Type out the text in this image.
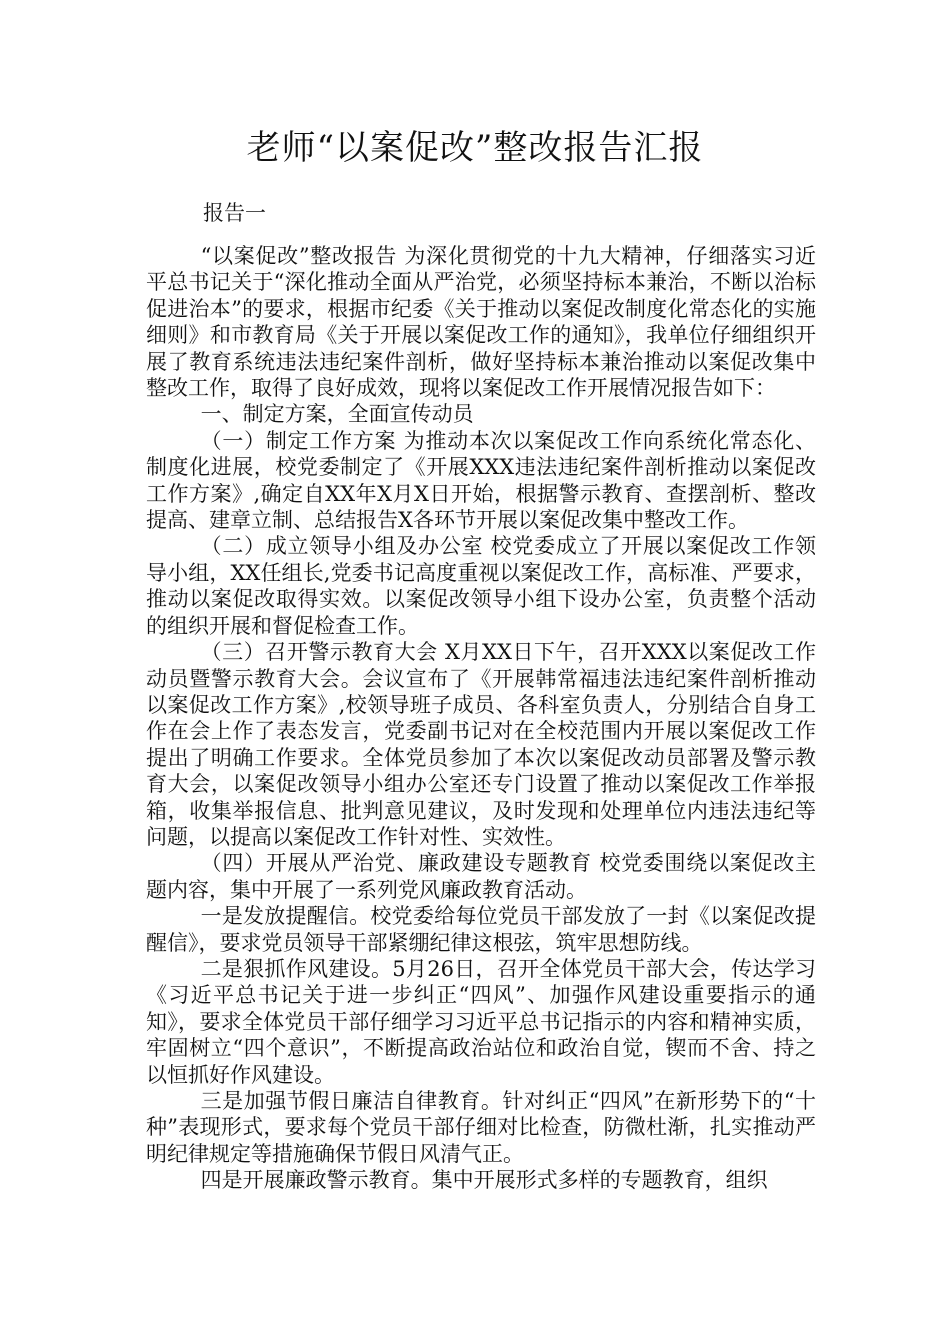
老师“以案促改”整改报告汇报
报告一

“以案促改”整改报告 为深化贯彻党的十九大精神，仔细落实习近平总书记关于“深化推动全面从严治党，必须坚持标本兼治，不断以治标促进治本”的要求，根据市纪委《关于推动以案促改制度化常态化的实施细则》和市教育局《关于开展以案促改工作的通知》，我单位仔细组织开展了教育系统违法违纪案件剖析，做好坚持标本兼治推动以案促改集中整改工作，取得了良好成效，现将以案促改工作开展情况报告如下：

一、制定方案，全面宣传动员

（一）制定工作方案 为推动本次以案促改工作向系统化常态化、制度化进展，校党委制定了《开展XXX违法违纪案件剖析推动以案促改工作方案》,确定自XX年X月X日开始，根据警示教育、查摆剖析、整改提高、建章立制、总结报告X各环节开展以案促改集中整改工作。

（二）成立领导小组及办公室 校党委成立了开展以案促改工作领导小组，XX任组长,党委书记高度重视以案促改工作，高标准、严要求，推动以案促改取得实效。以案促改领导小组下设办公室，负责整个活动的组织开展和督促检查工作。

（三）召开警示教育大会 X月XX日下午，召开XXX以案促改工作动员暨警示教育大会。会议宣布了《开展韩常福违法违纪案件剖析推动以案促改工作方案》,校领导班子成员、各科室负责人，分别结合自身工作在会上作了表态发言，党委副书记对在全校范围内开展以案促改工作提出了明确工作要求。全体党员参加了本次以案促改动员部署及警示教育大会，以案促改领导小组办公室还专门设置了推动以案促改工作举报箱，收集举报信息、批判意见建议，及时发现和处理单位内违法违纪等问题，以提高以案促改工作针对性、实效性。

（四）开展从严治党、廉政建设专题教育 校党委围绕以案促改主题内容，集中开展了一系列党风廉政教育活动。

一是发放提醒信。校党委给每位党员干部发放了一封《以案促改提醒信》，要求党员领导干部紧绷纪律这根弦，筑牢思想防线。

二是狠抓作风建设。5月26日，召开全体党员干部大会，传达学习《习近平总书记关于进一步纠正“四风”、加强作风建设重要指示的通知》，要求全体党员干部仔细学习习近平总书记指示的内容和精神实质，牢固树立“四个意识”，不断提高政治站位和政治自觉，锲而不舍、持之以恒抓好作风建设。

三是加强节假日廉洁自律教育。针对纠正“四风”在新形势下的“十种”表现形式，要求每个党员干部仔细对比检查，防微杜渐，扎实推动严明纪律规定等措施确保节假日风清气正。

四是开展廉政警示教育。集中开展形式多样的专题教育，组织
